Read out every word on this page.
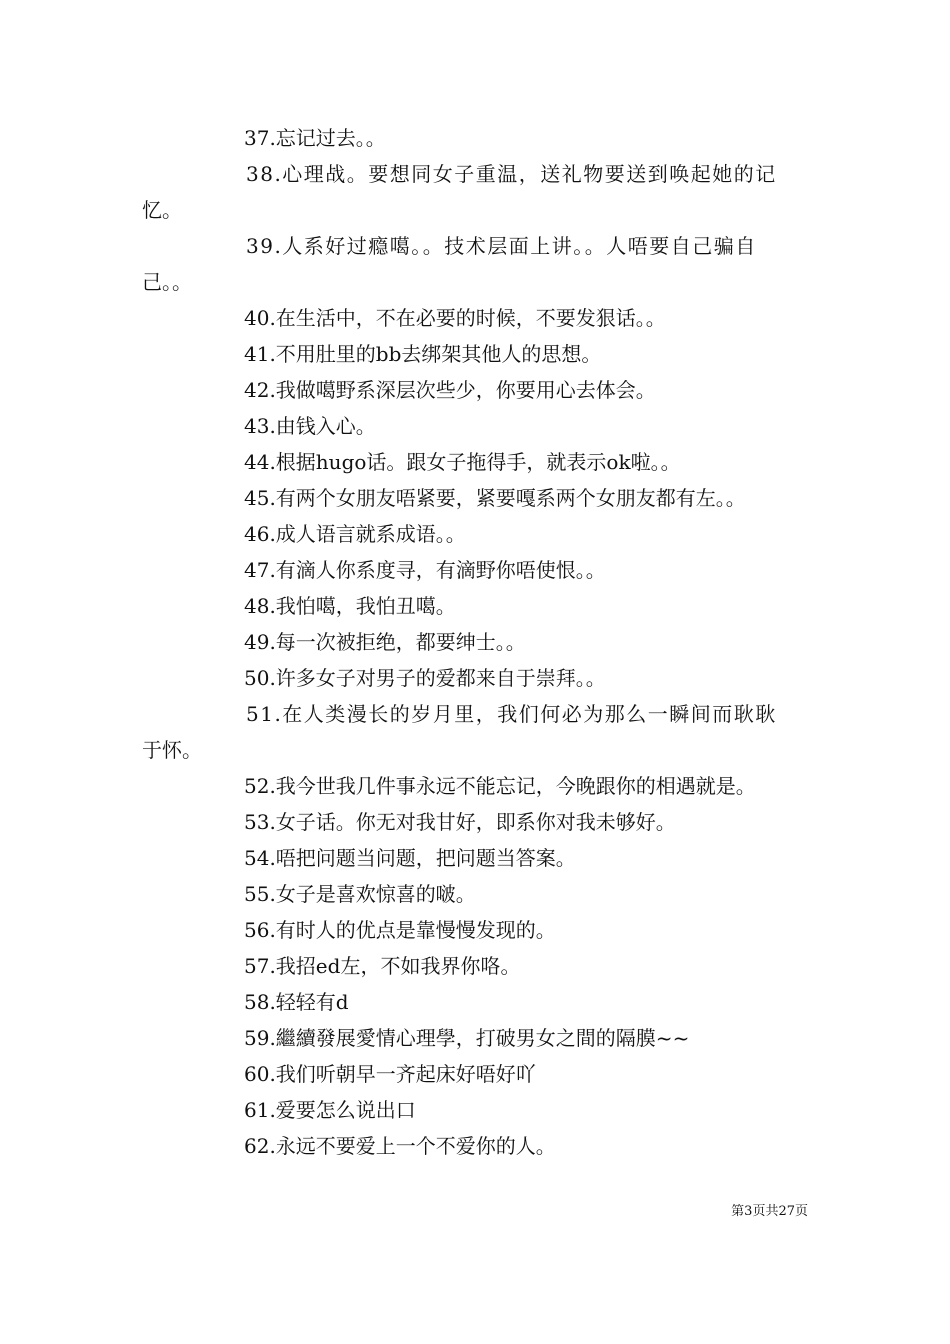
37.忘记过去。。
38.心理战。要想同女子重温，送礼物要送到唤起她的记
忆。
39.人系好过瘾噶。。技术层面上讲。。人唔要自己骗自
己。。
40.在生活中，不在必要的时候，不要发狠话。。
41.不用肚里的bb去绑架其他人的思想。
42.我做噶野系深层次些少，你要用心去体会。
43.由钱入心。
44.根据hugo话。跟女子拖得手，就表示ok啦。。
45.有两个女朋友唔紧要，紧要嘎系两个女朋友都有左。。
46.成人语言就系成语。。
47.有滴人你系度寻，有滴野你唔使恨。。
48.我怕噶，我怕丑噶。
49.每一次被拒绝，都要绅士。。
50.许多女子对男子的爱都来自于崇拜。。
51.在人类漫长的岁月里，我们何必为那么一瞬间而耿耿
于怀。
52.我今世我几件事永远不能忘记，今晚跟你的相遇就是。
53.女子话。你无对我甘好，即系你对我未够好。
54.唔把问题当问题，把问题当答案。
55.女子是喜欢惊喜的啵。
56.有时人的优点是靠慢慢发现的。
57.我招ed左，不如我界你咯。
58.轻轻有d
59.繼續發展愛情心理學，打破男女之間的隔膜~~
60.我们听朝早一齐起床好唔好吖
61.爱要怎么说出口
62.永远不要爱上一个不爱你的人。
第3页共27页
